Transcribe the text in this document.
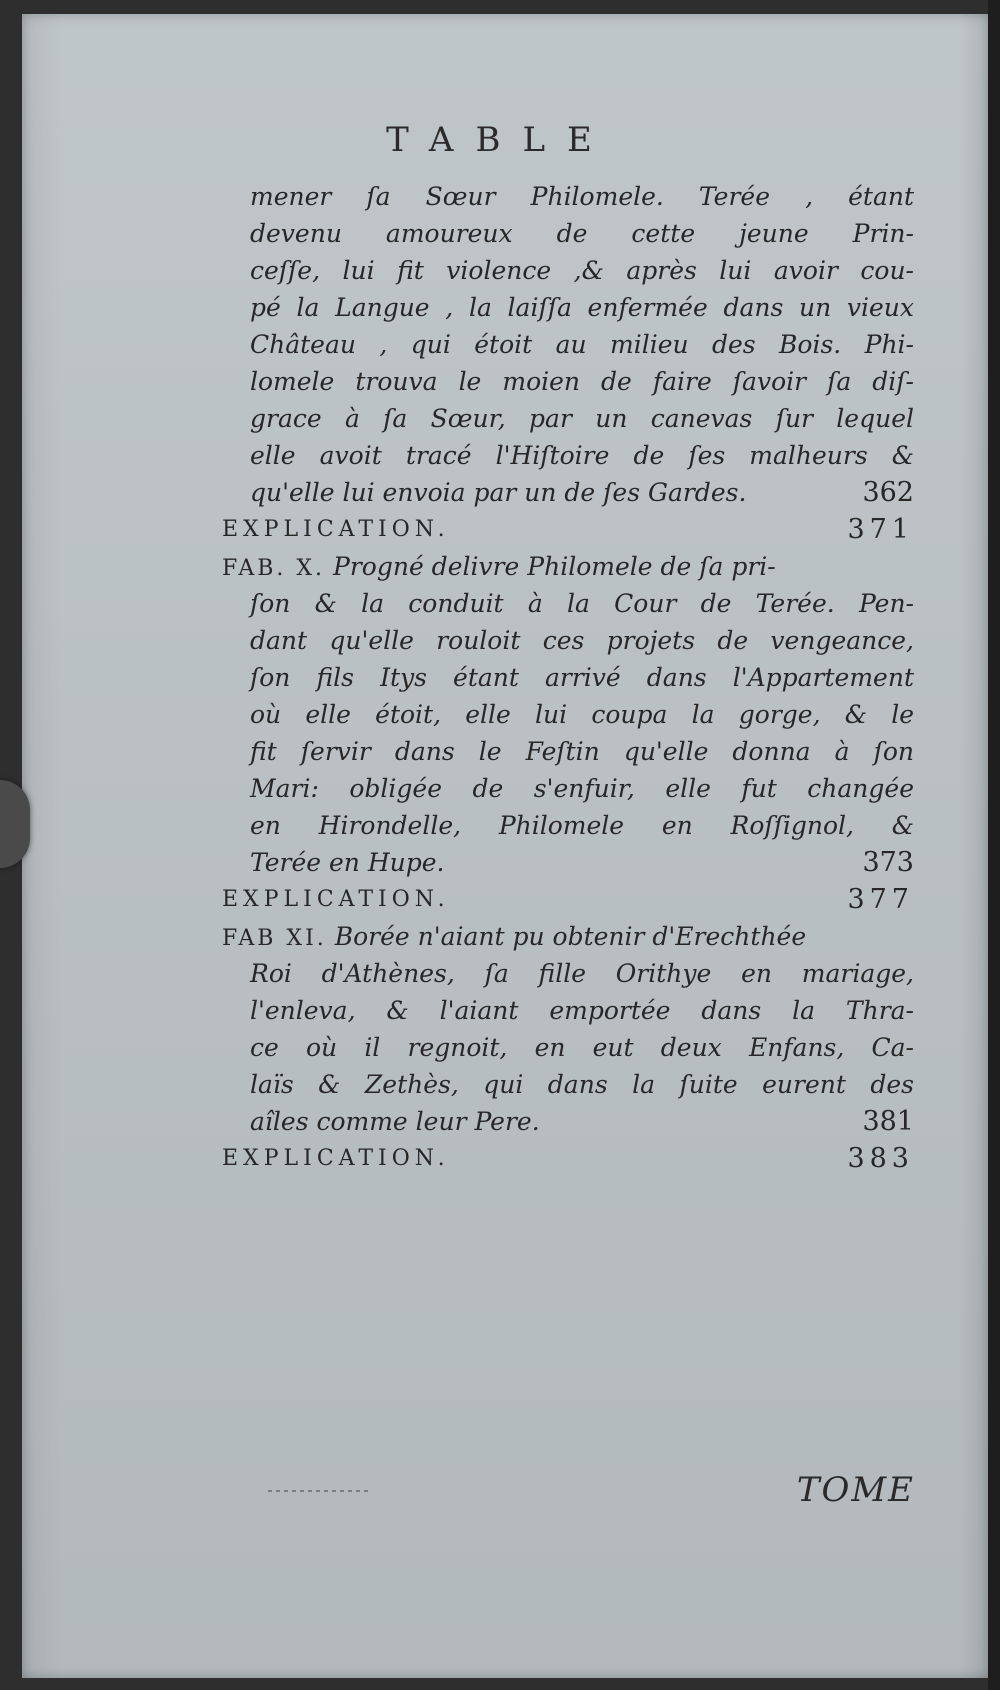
TABLE
mener ſa Sœur Philomele. Terée , étant
devenu amoureux de cette jeune Prin-
ceſſe, lui fit violence ,& après lui avoir cou-
pé la Langue , la laiſſa enfermée dans un vieux
Château , qui étoit au milieu des Bois. Phi-
lomele trouva le moien de faire ſavoir ſa diſ-
grace à ſa Sœur, par un canevas ſur lequel
elle avoit tracé l'Hiſtoire de ſes malheurs &
qu'elle lui envoia par un de ſes Gardes.	362
EXPLICATION.	371
FAB. X. Progné delivre Philomele de ſa pri-
ſon & la conduit à la Cour de Terée. Pen-
dant qu'elle rouloit ces projets de vengeance,
ſon fils Itys étant arrivé dans l'Appartement
où elle étoit, elle lui coupa la gorge, & le
fit ſervir dans le Feſtin qu'elle donna à ſon
Mari: obligée de s'enfuir, elle fut changée
en Hirondelle, Philomele en Roſſignol, &
Terée en Hupe.	373
EXPLICATION.	377
FAB XI. Borée n'aiant pu obtenir d'Erechthée
Roi d'Athènes, ſa fille Orithye en mariage,
l'enleva, & l'aiant emportée dans la Thra-
ce où il regnoit, en eut deux Enfans, Ca-
laïs & Zethès, qui dans la ſuite eurent des
aîles comme leur Pere.	381
EXPLICATION.	383
TOME
